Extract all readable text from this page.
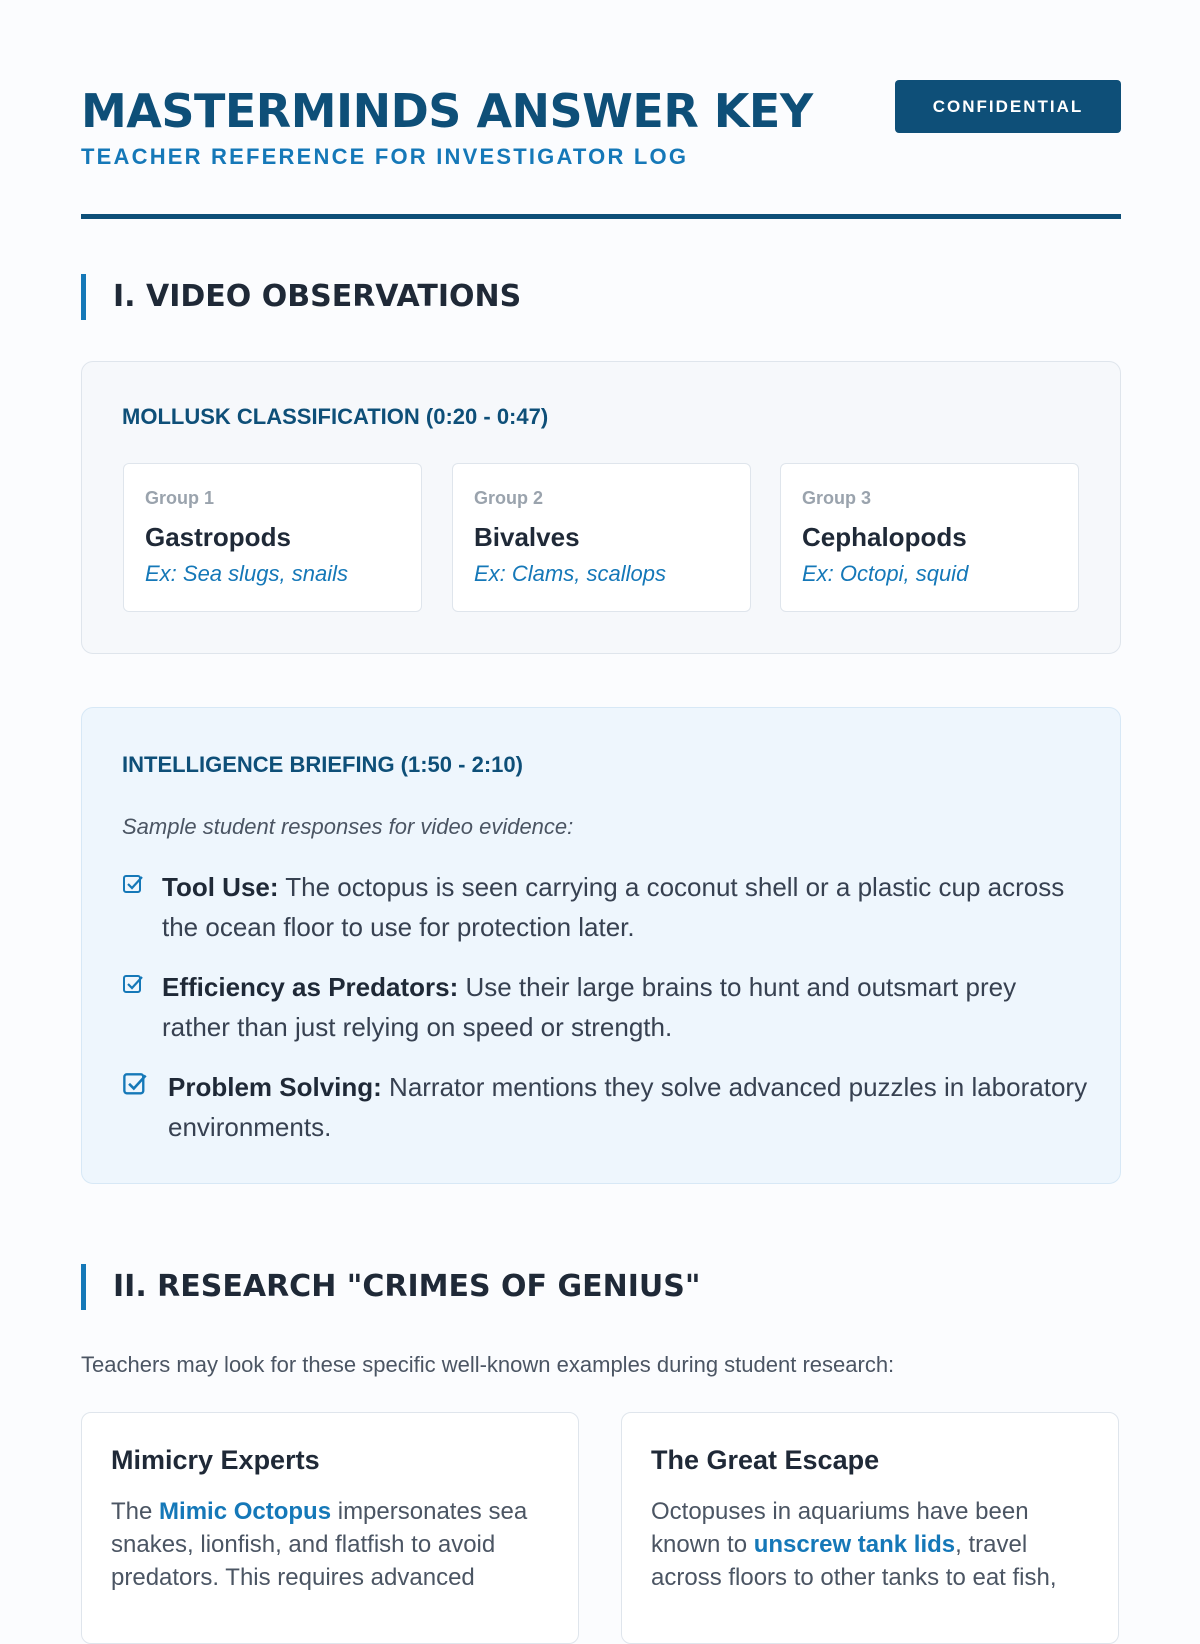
MASTERMINDS ANSWER KEY
TEACHER REFERENCE FOR INVESTIGATOR LOG
CONFIDENTIAL
I. VIDEO OBSERVATIONS
MOLLUSK CLASSIFICATION (0:20 - 0:47)
Group 1
Gastropods
Ex: Sea slugs, snails
Group 2
Bivalves
Ex: Clams, scallops
Group 3
Cephalopods
Ex: Octopi, squid
INTELLIGENCE BRIEFING (1:50 - 2:10)
Sample student responses for video evidence:
Tool Use: The octopus is seen carrying a coconut shell or a plastic cup across the ocean floor to use for protection later.
Efficiency as Predators: Use their large brains to hunt and outsmart prey rather than just relying on speed or strength.
Problem Solving: Narrator mentions they solve advanced puzzles in laboratory environments.
II. RESEARCH "CRIMES OF GENIUS"
Teachers may look for these specific well-known examples during student research:
Mimicry Experts
The Mimic Octopus impersonates sea snakes, lionfish, and flatfish to avoid predators. This requires advanced
The Great Escape
Octopuses in aquariums have been known to unscrew tank lids, travel across floors to other tanks to eat fish,
